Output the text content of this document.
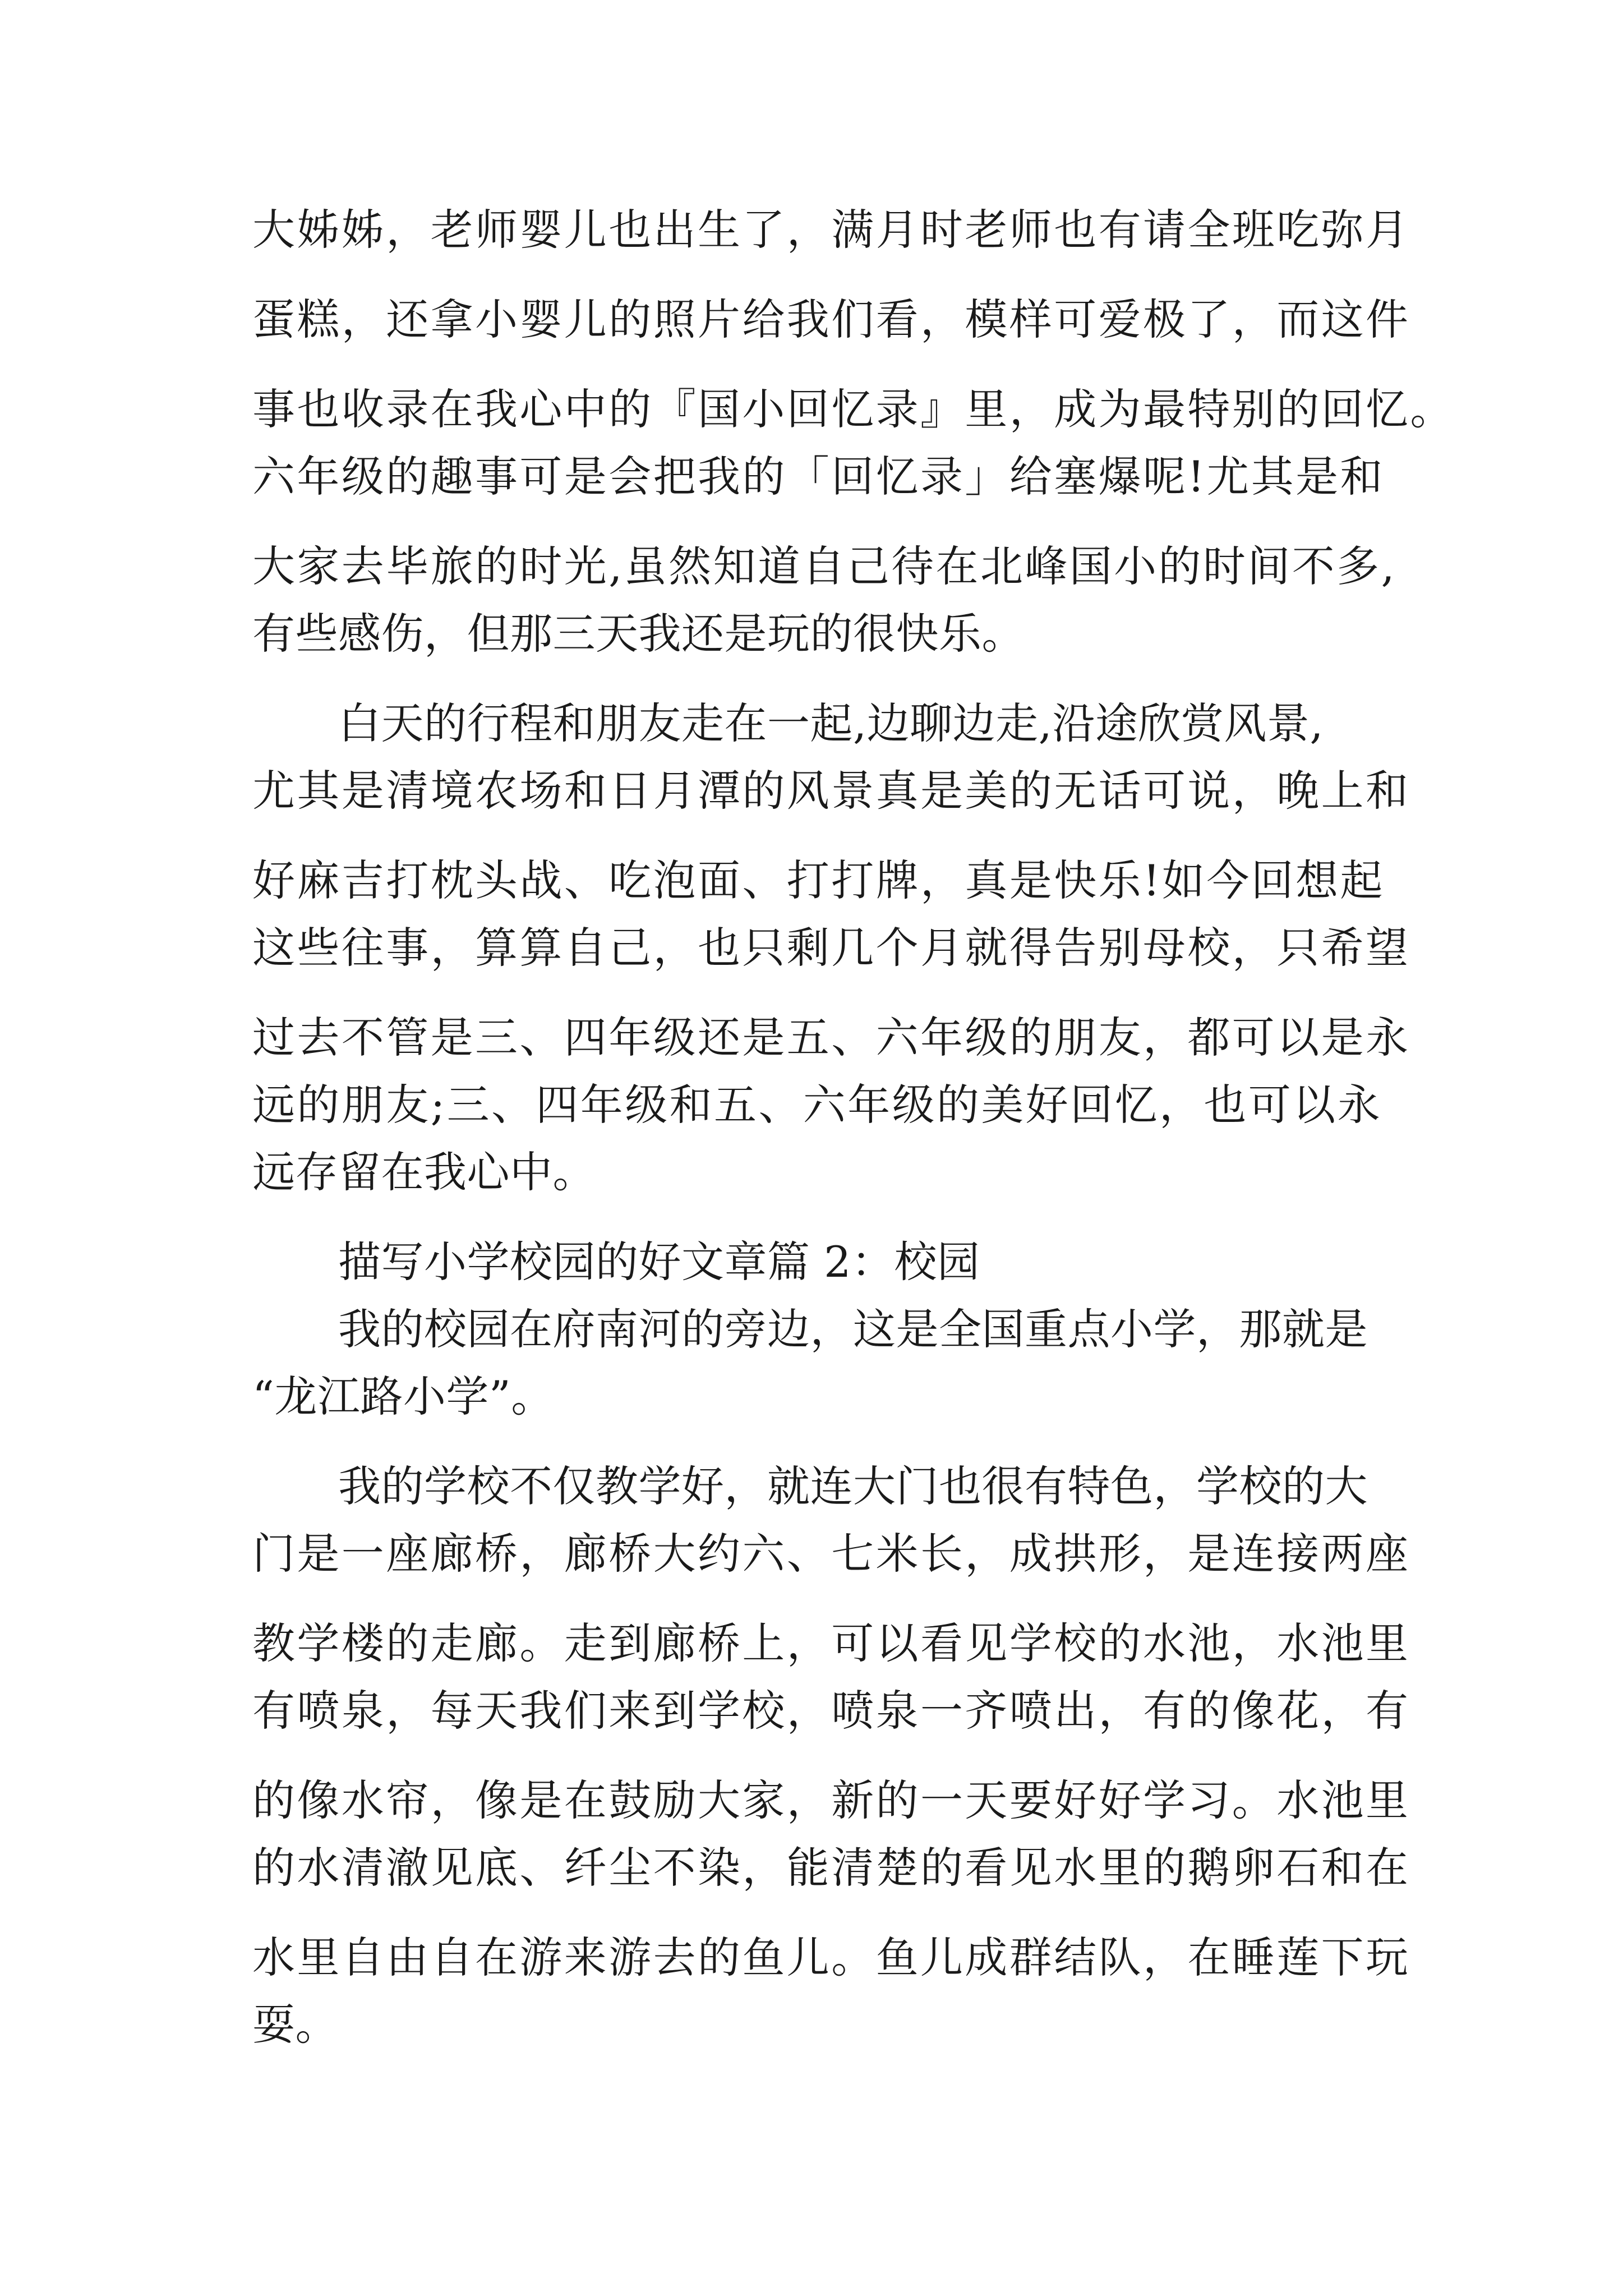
大姊姊，老师婴儿也出生了，满月时老师也有请全班吃弥月
蛋糕，还拿小婴儿的照片给我们看，模样可爱极了，而这件
事也收录在我心中的『国小回忆录』里，成为最特别的回忆。
六年级的趣事可是会把我的「回忆录」给塞爆呢!尤其是和
大家去毕旅的时光,虽然知道自己待在北峰国小的时间不多,
有些感伤，但那三天我还是玩的很快乐。
白天的行程和朋友走在一起,边聊边走,沿途欣赏风景,
尤其是清境农场和日月潭的风景真是美的无话可说，晚上和
好麻吉打枕头战、吃泡面、打打牌，真是快乐!如今回想起
这些往事，算算自己，也只剩几个月就得告别母校，只希望
过去不管是三、四年级还是五、六年级的朋友，都可以是永
远的朋友;三、四年级和五、六年级的美好回忆，也可以永
远存留在我心中。
描写小学校园的好文章篇 2：校园
我的校园在府南河的旁边，这是全国重点小学，那就是
“龙江路小学”。
我的学校不仅教学好，就连大门也很有特色，学校的大
门是一座廊桥，廊桥大约六、七米长，成拱形，是连接两座
教学楼的走廊。走到廊桥上，可以看见学校的水池，水池里
有喷泉，每天我们来到学校，喷泉一齐喷出，有的像花，有
的像水帘，像是在鼓励大家，新的一天要好好学习。水池里
的水清澈见底、纤尘不染，能清楚的看见水里的鹅卵石和在
水里自由自在游来游去的鱼儿。鱼儿成群结队，在睡莲下玩
耍。
